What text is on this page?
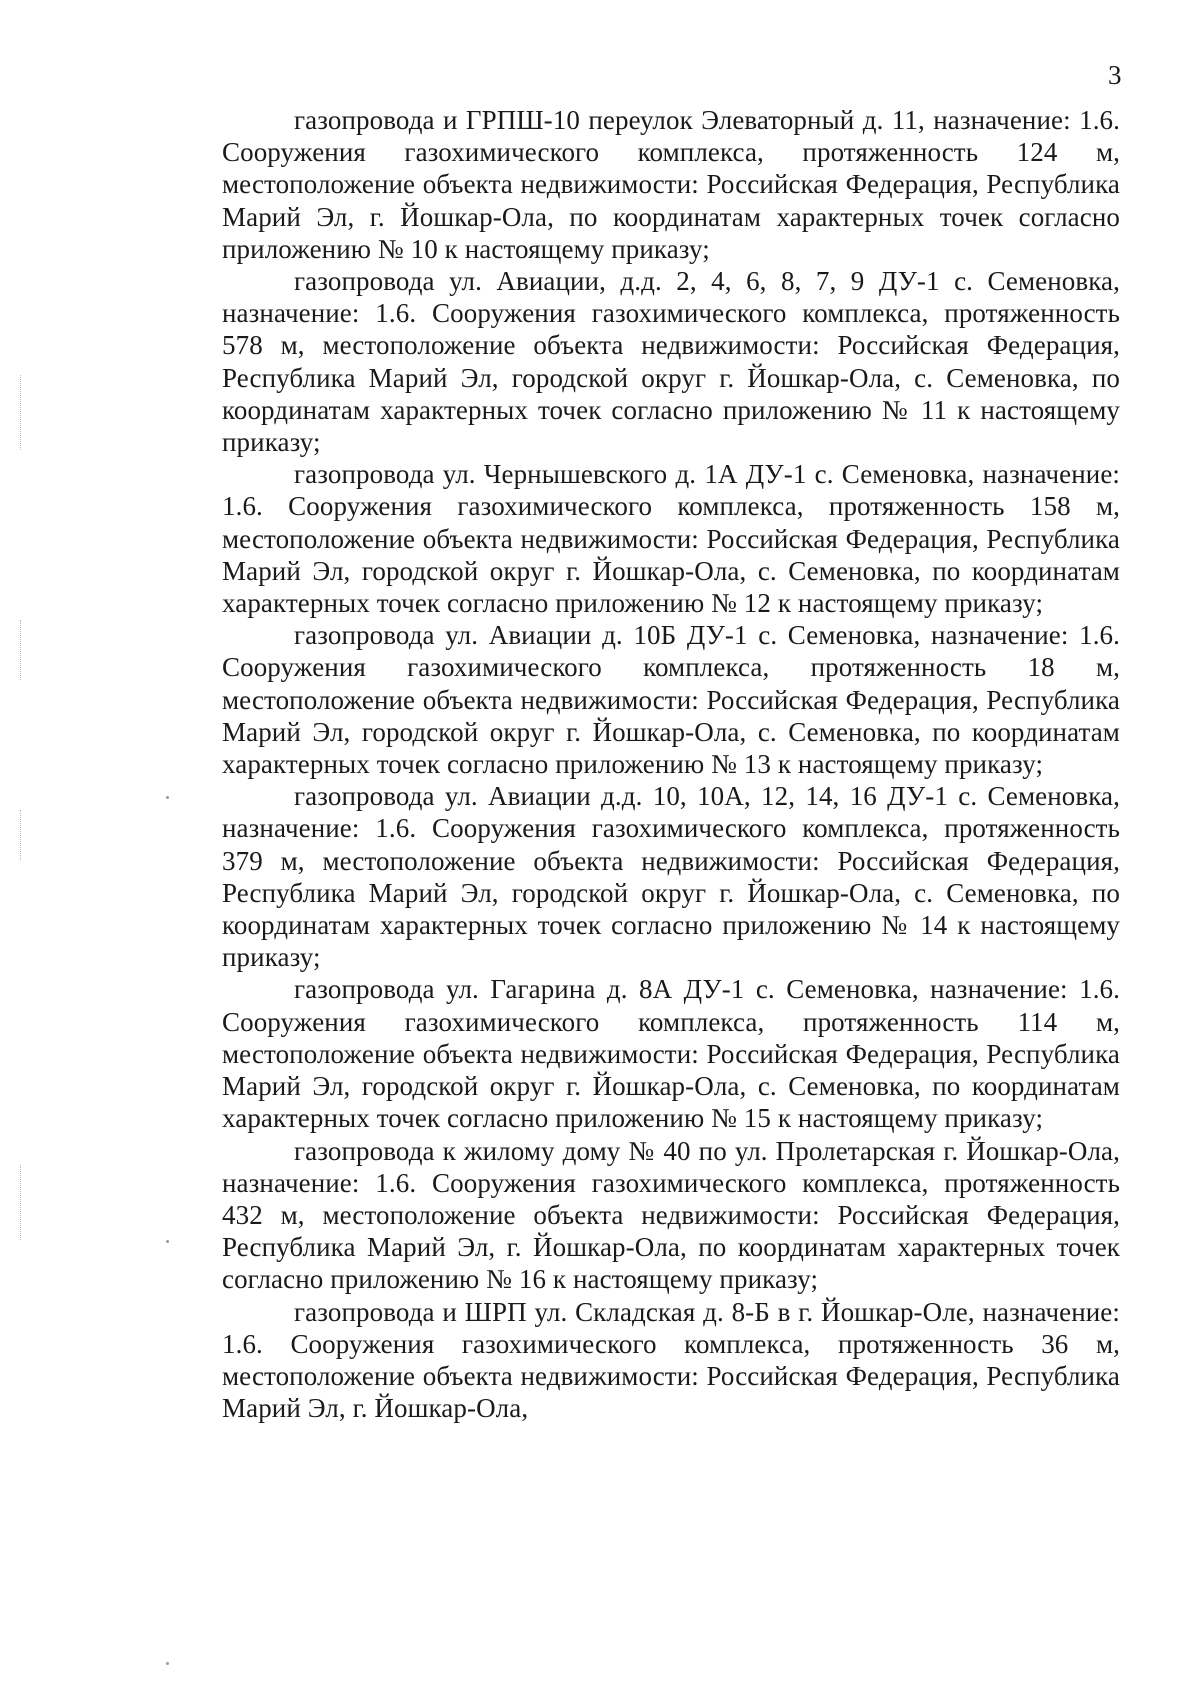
3

газопровода и ГРПШ-10 переулок Элеваторный д. 11, назначение: 1.6. Сооружения газохимического комплекса, протяженность 124 м, местоположение объекта недвижимости: Российская Федерация, Республика Марий Эл, г. Йошкар-Ола, по координатам характерных точек согласно приложению № 10 к настоящему приказу;

газопровода ул. Авиации, д.д. 2, 4, 6, 8, 7, 9 ДУ-1 с. Семеновка, назначение: 1.6. Сооружения газохимического комплекса, протяженность 578 м, местоположение объекта недвижимости: Российская Федерация, Республика Марий Эл, городской округ г. Йошкар-Ола, с. Семеновка, по координатам характерных точек согласно приложению № 11 к настоящему приказу;

газопровода ул. Чернышевского д. 1А ДУ-1 с. Семеновка, назначение: 1.6. Сооружения газохимического комплекса, протяженность 158 м, местоположение объекта недвижимости: Российская Федерация, Республика Марий Эл, городской округ г. Йошкар-Ола, с. Семеновка, по координатам характерных точек согласно приложению № 12 к настоящему приказу;

газопровода ул. Авиации д. 10Б ДУ-1 с. Семеновка, назначение: 1.6. Сооружения газохимического комплекса, протяженность 18 м, местоположение объекта недвижимости: Российская Федерация, Республика Марий Эл, городской округ г. Йошкар-Ола, с. Семеновка, по координатам характерных точек согласно приложению № 13 к настоящему приказу;

газопровода ул. Авиации д.д. 10, 10А, 12, 14, 16 ДУ-1 с. Семеновка, назначение: 1.6. Сооружения газохимического комплекса, протяженность 379 м, местоположение объекта недвижимости: Российская Федерация, Республика Марий Эл, городской округ г. Йошкар-Ола, с. Семеновка, по координатам характерных точек согласно приложению № 14 к настоящему приказу;

газопровода ул. Гагарина д. 8А ДУ-1 с. Семеновка, назначение: 1.6. Сооружения газохимического комплекса, протяженность 114 м, местоположение объекта недвижимости: Российская Федерация, Республика Марий Эл, городской округ г. Йошкар-Ола, с. Семеновка, по координатам характерных точек согласно приложению № 15 к настоящему приказу;

газопровода к жилому дому № 40 по ул. Пролетарская г. Йошкар-Ола, назначение: 1.6. Сооружения газохимического комплекса, протяженность 432 м, местоположение объекта недвижимости: Российская Федерация, Республика Марий Эл, г. Йошкар-Ола, по координатам характерных точек согласно приложению № 16 к настоящему приказу;

газопровода и ШРП ул. Складская д. 8-Б в г. Йошкар-Оле, назначение: 1.6. Сооружения газохимического комплекса, протяженность 36 м, местоположение объекта недвижимости: Российская Федерация, Республика Марий Эл, г. Йошкар-Ола,
